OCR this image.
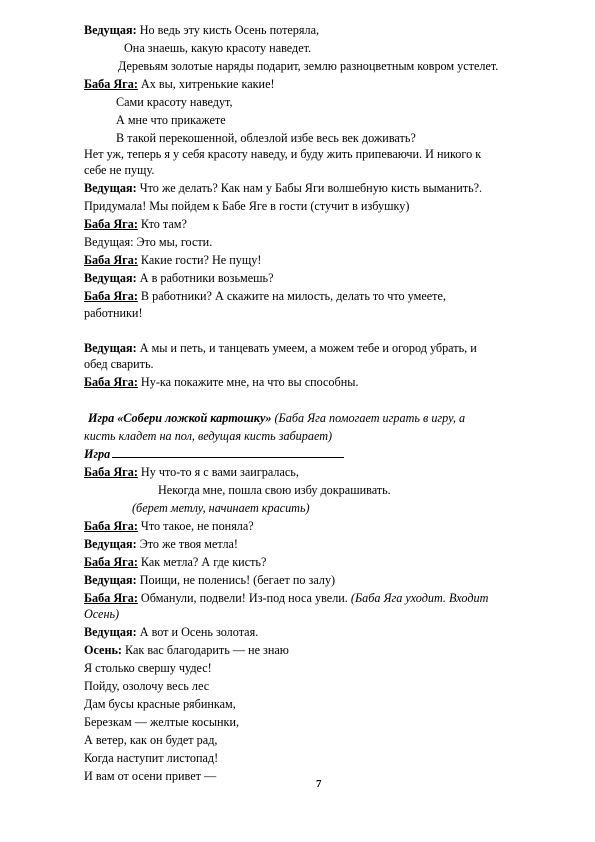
Ведущая: Но ведь эту кисть Осень потеряла,
Она знаешь, какую красоту наведет.
Деревьям золотые наряды подарит, землю разноцветным ковром устелет.
Баба Яга: Ах вы, хитренькие какие!
Сами красоту наведут,
А мне что прикажете
В такой перекошенной, облезлой избе весь век доживать?
Нет уж, теперь я у себя красоту наведу, и буду жить припеваючи. И никого к
себе не пущу.
Ведущая: Что же делать? Как нам у Бабы Яги волшебную кисть выманить?.
Придумала! Мы пойдем к Бабе Яге в гости (стучит в избушку)
Баба Яга: Кто там?
Ведущая: Это мы, гости.
Баба Яга: Какие гости? Не пущу!
Ведущая: А в работники возьмешь?
Баба Яга: В работники? А скажите на милость, делать то что умеете,
работники!
Ведущая: А мы и петь, и танцевать умеем, а можем тебе и огород убрать, и
обед сварить.
Баба Яга: Ну-ка покажите мне, на что вы способны.
Игра «Собери ложкой картошку» (Баба Яга помогает играть в игру, а
кисть кладет на пол, ведущая кисть забирает)
Игра
Баба Яга: Ну что-то я с вами заигралась,
Некогда мне, пошла свою избу докрашивать.
(берет метлу, начинает красить)
Баба Яга: Что такое, не поняла?
Ведущая: Это же твоя метла!
Баба Яга: Как метла? А где кисть?
Ведущая: Поищи, не поленись! (бегает по залу)
Баба Яга: Обманули, подвели! Из-под носа увели. (Баба Яга уходит. Входит
Осень)
Ведущая: А вот и Осень золотая.
Осень: Как вас благодарить — не знаю
Я столько свершу чудес!
Пойду, озолочу весь лес
Дам бусы красные рябинкам,
Березкам — желтые косынки,
А ветер, как он будет рад,
Когда наступит листопад!
И вам от осени привет —
7
